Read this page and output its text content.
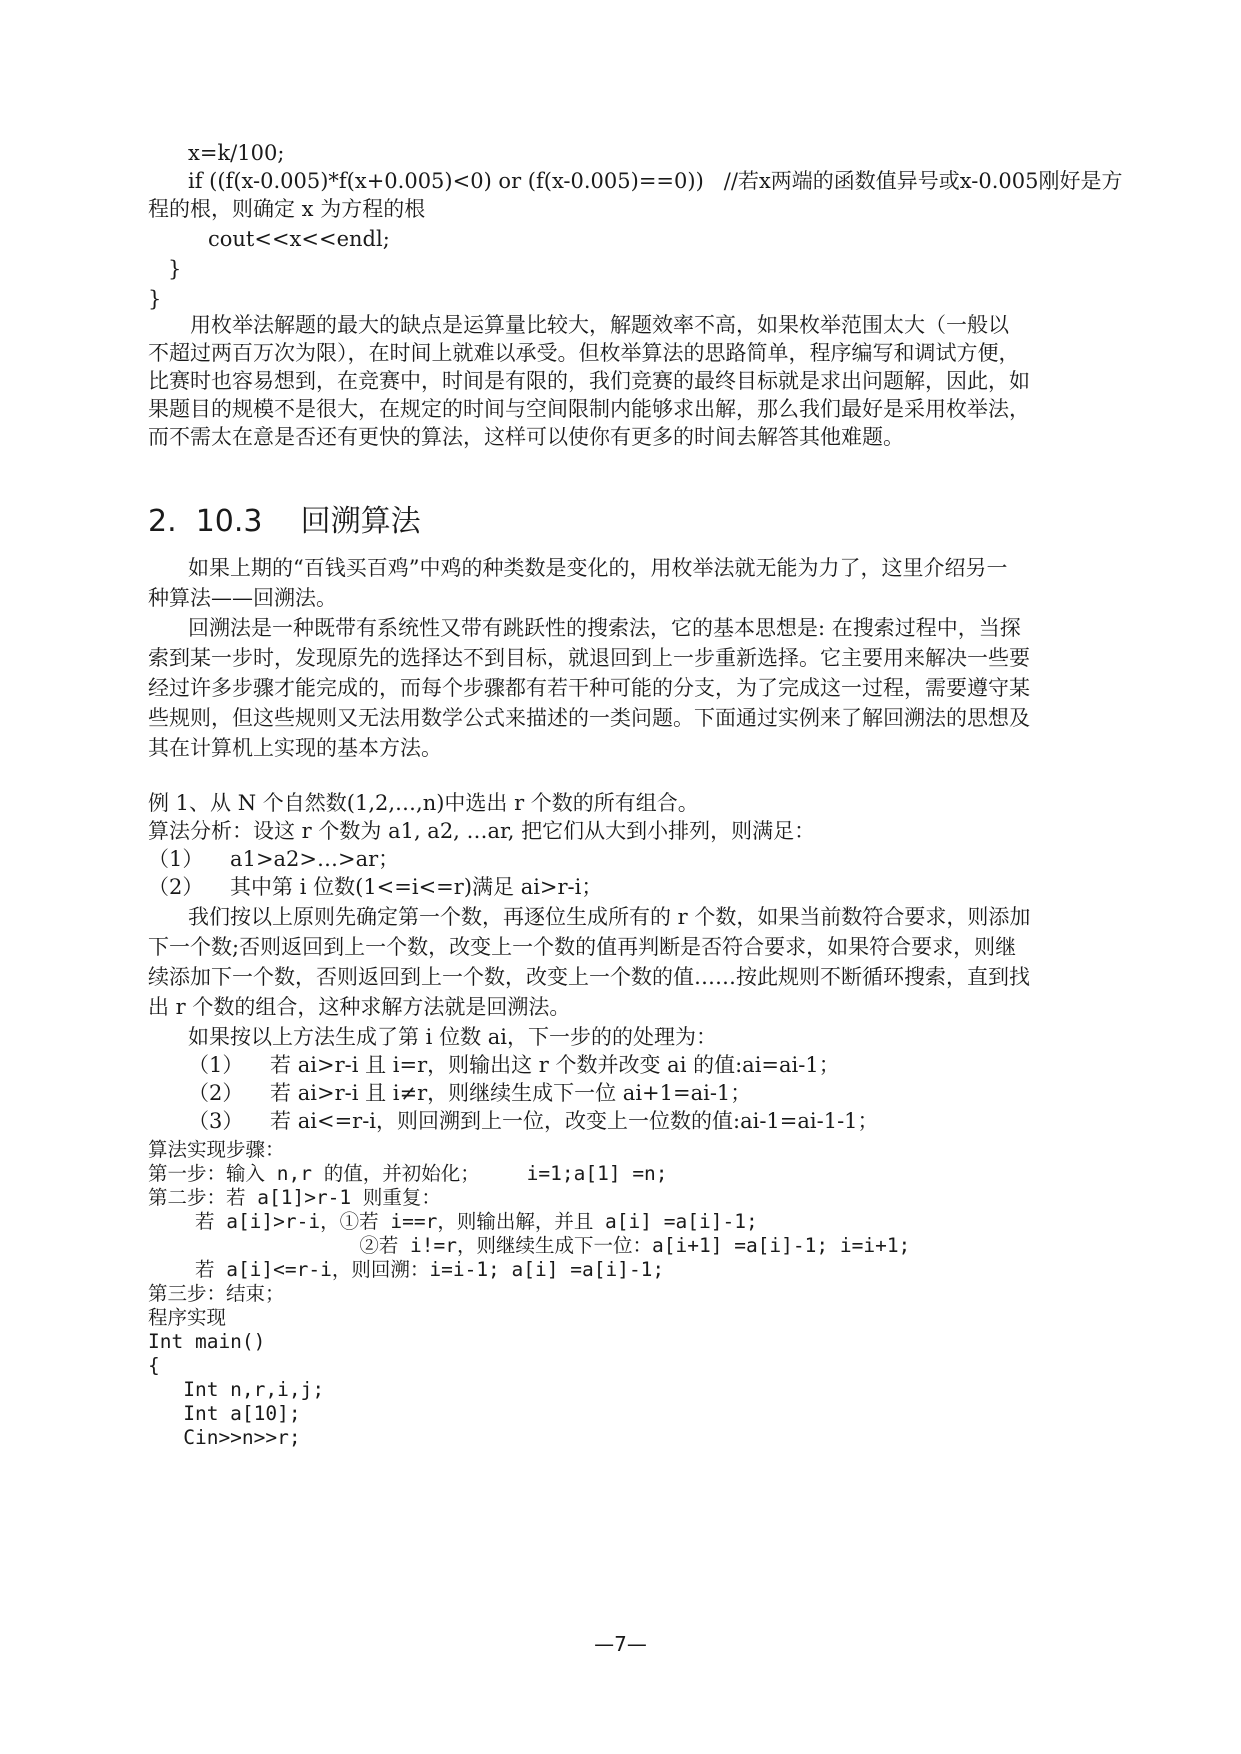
x=k/100;
if ((f(x-0.005)*f(x+0.005)<0) or (f(x-0.005)==0))   //若x两端的函数值异号或x-0.005刚好是方
程的根，则确定 x 为方程的根
cout<<x<<endl;
}
}
用枚举法解题的最大的缺点是运算量比较大，解题效率不高，如果枚举范围太大（一般以
不超过两百万次为限），在时间上就难以承受。但枚举算法的思路简单，程序编写和调试方便，
比赛时也容易想到，在竞赛中，时间是有限的，我们竞赛的最终目标就是求出问题解，因此，如
果题目的规模不是很大，在规定的时间与空间限制内能够求出解，那么我们最好是采用枚举法，
而不需太在意是否还有更快的算法，这样可以使你有更多的时间去解答其他难题。
2.  10.3    回溯算法
如果上期的“百钱买百鸡”中鸡的种类数是变化的，用枚举法就无能为力了，这里介绍另一
种算法——回溯法。
回溯法是一种既带有系统性又带有跳跃性的搜索法，它的基本思想是: 在搜索过程中，当探
索到某一步时，发现原先的选择达不到目标，就退回到上一步重新选择。它主要用来解决一些要
经过许多步骤才能完成的，而每个步骤都有若干种可能的分支，为了完成这一过程，需要遵守某
些规则，但这些规则又无法用数学公式来描述的一类问题。下面通过实例来了解回溯法的思想及
其在计算机上实现的基本方法。
例 1、从 N 个自然数(1,2,…,n)中选出 r 个数的所有组合。
算法分析：设这 r 个数为 a1, a2, …ar, 把它们从大到小排列，则满足：
（1）    a1>a2>…>ar；
（2）    其中第 i 位数(1<=i<=r)满足 ai>r-i；
我们按以上原则先确定第一个数，再逐位生成所有的 r 个数，如果当前数符合要求，则添加
下一个数;否则返回到上一个数，改变上一个数的值再判断是否符合要求，如果符合要求，则继
续添加下一个数，否则返回到上一个数，改变上一个数的值……按此规则不断循环搜索，直到找
出 r 个数的组合，这种求解方法就是回溯法。
如果按以上方法生成了第 i 位数 ai，下一步的的处理为：
（1）    若 ai>r-i 且 i=r，则输出这 r 个数并改变 ai 的值:ai=ai-1；
（2）    若 ai>r-i 且 i≠r，则继续生成下一位 ai+1=ai-1；
（3）    若 ai<=r-i，则回溯到上一位，改变上一位数的值:ai-1=ai-1-1；
算法实现步骤：
第一步：输入 n,r 的值，并初始化；    i=1;a[1] =n;
第二步：若 a[1]>r-1 则重复：
若 a[i]>r-i，①若 i==r，则输出解，并且 a[i] =a[i]-1;
②若 i!=r，则继续生成下一位：a[i+1] =a[i]-1; i=i+1;
若 a[i]<=r-i，则回溯：i=i-1; a[i] =a[i]-1;
第三步：结束；
程序实现
Int main()
{
Int n,r,i,j;
Int a[10];
Cin>>n>>r;
—7—
